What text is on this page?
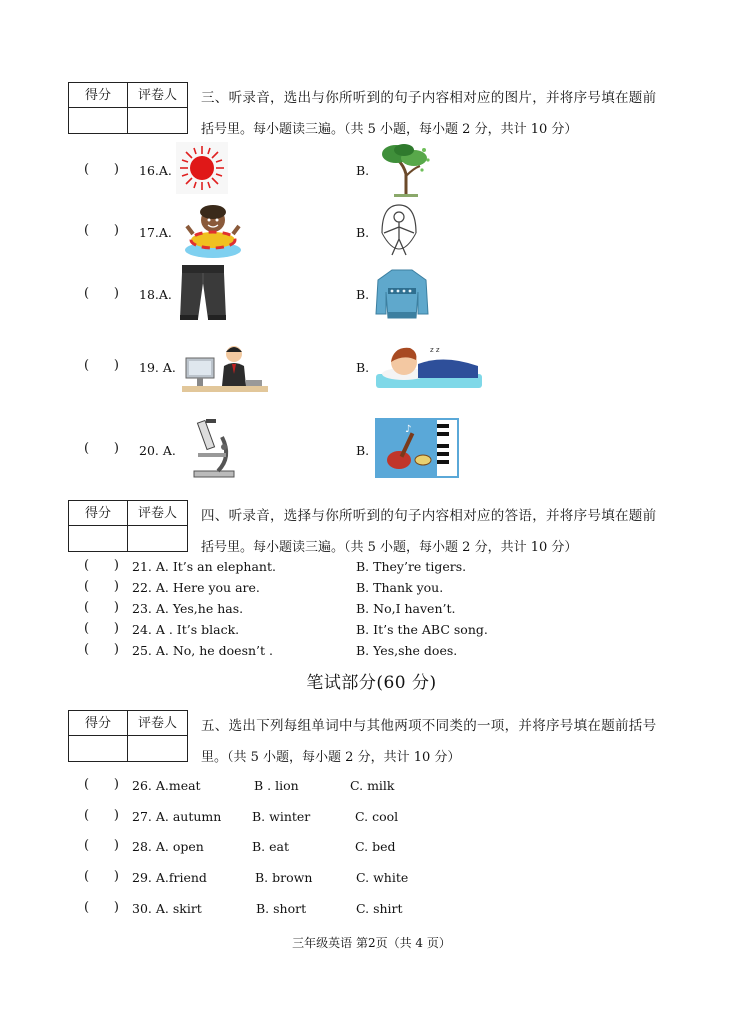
得分	评卷人	三、听录音，选出与你所听到的句子内容相对应的图片，并将序号填在题前
括号里。每小题读三遍。（共 5 小题，每小题 2 分，共计 10 分）
(      ) 16.A.	B.
(      ) 17.A.	B.
(      ) 18.A.	B.
(      ) 19. A.	B.
z z
(      ) 20. A.	B.
♪
得分	评卷人	四、听录音，选择与你所听到的句子内容相对应的答语，并将序号填在题前
括号里。每小题读三遍。（共 5 小题，每小题 2 分，共计 10 分）
(      ) 21. A. It’s an elephant.	B. They’re tigers.
(      ) 22. A. Here you are.	B. Thank you.
(      ) 23. A. Yes,he has.	B. No,I haven’t.
(      ) 24. A . It’s black.	B. It’s the ABC song.
(      ) 25. A. No, he doesn’t .	B. Yes,she does.
笔试部分(60 分)
得分	评卷人	五、选出下列每组单词中与其他两项不同类的一项，并将序号填在题前括号
里。（共 5 小题，每小题 2 分，共计 10 分）
(      ) 26. A.meat	B . lion	C. milk
(      ) 27. A. autumn B. winter	C. cool
(      ) 28. A. open	B. eat	C. bed
(      ) 29. A.friend	B. brown	C. white
(      ) 30. A. skirt	B. short	C. shirt
三年级英语 第2页（共 4 页）
